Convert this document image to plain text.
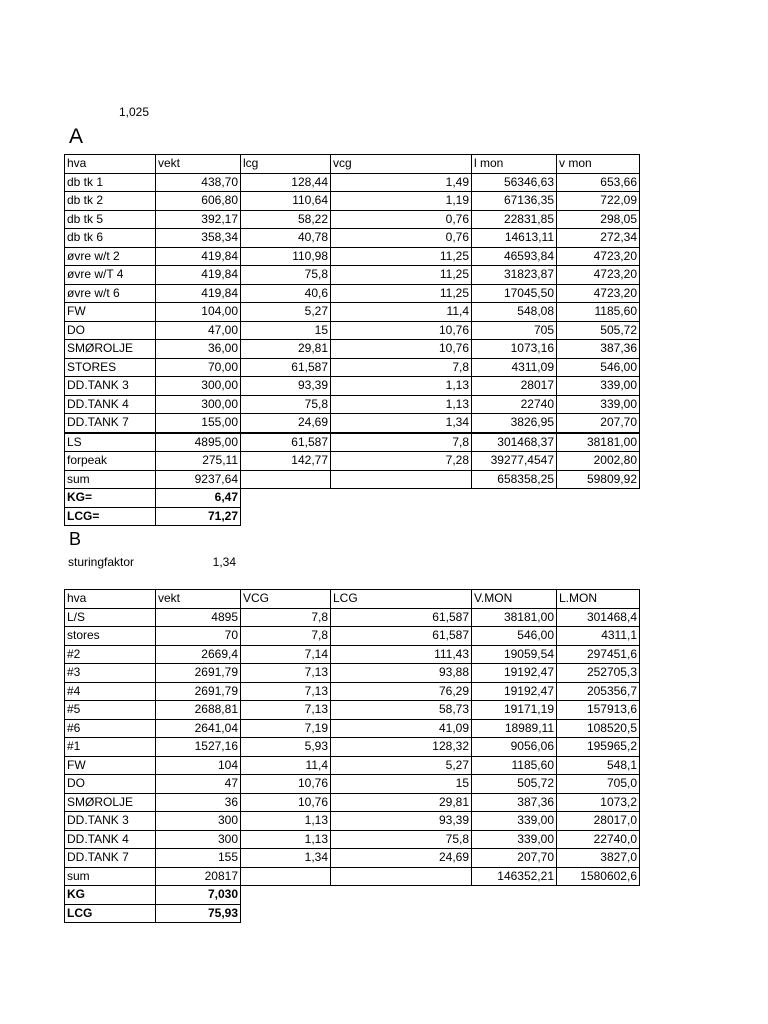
1,025
A
hva	vekt	lcg	vcg	l mon	v mon
db tk 1	438,70	128,44	1,49	56346,63	653,66
db tk 2	606,80	110,64	1,19	67136,35	722,09
db tk 5	392,17	58,22	0,76	22831,85	298,05
db tk 6	358,34	40,78	0,76	14613,11	272,34
øvre w/t 2	419,84	110,98	11,25	46593,84	4723,20
øvre w/T 4	419,84	75,8	11,25	31823,87	4723,20
øvre w/t 6	419,84	40,6	11,25	17045,50	4723,20
FW	104,00	5,27	11,4	548,08	1185,60
DO	47,00	15	10,76	705	505,72
SMØROLJE	36,00	29,81	10,76	1073,16	387,36
STORES	70,00	61,587	7,8	4311,09	546,00
DD.TANK 3	300,00	93,39	1,13	28017	339,00
DD.TANK 4	300,00	75,8	1,13	22740	339,00
DD.TANK 7	155,00	24,69	1,34	3826,95	207,70
LS	4895,00	61,587	7,8	301468,37	38181,00
forpeak	275,11	142,77	7,28	39277,4547	2002,80
sum	9237,64			658358,25	59809,92
KG=	6,47				
LCG=	71,27				
B
sturingfaktor	1,34
hva	vekt	VCG	LCG	V.MON	L.MON
L/S	4895	7,8	61,587	38181,00	301468,4
stores	70	7,8	61,587	546,00	4311,1
#2	2669,4	7,14	111,43	19059,54	297451,6
#3	2691,79	7,13	93,88	19192,47	252705,3
#4	2691,79	7,13	76,29	19192,47	205356,7
#5	2688,81	7,13	58,73	19171,19	157913,6
#6	2641,04	7,19	41,09	18989,11	108520,5
#1	1527,16	5,93	128,32	9056,06	195965,2
FW	104	11,4	5,27	1185,60	548,1
DO	47	10,76	15	505,72	705,0
SMØROLJE	36	10,76	29,81	387,36	1073,2
DD.TANK 3	300	1,13	93,39	339,00	28017,0
DD.TANK 4	300	1,13	75,8	339,00	22740,0
DD.TANK 7	155	1,34	24,69	207,70	3827,0
sum	20817			146352,21	1580602,6
KG	7,030				
LCG	75,93				
